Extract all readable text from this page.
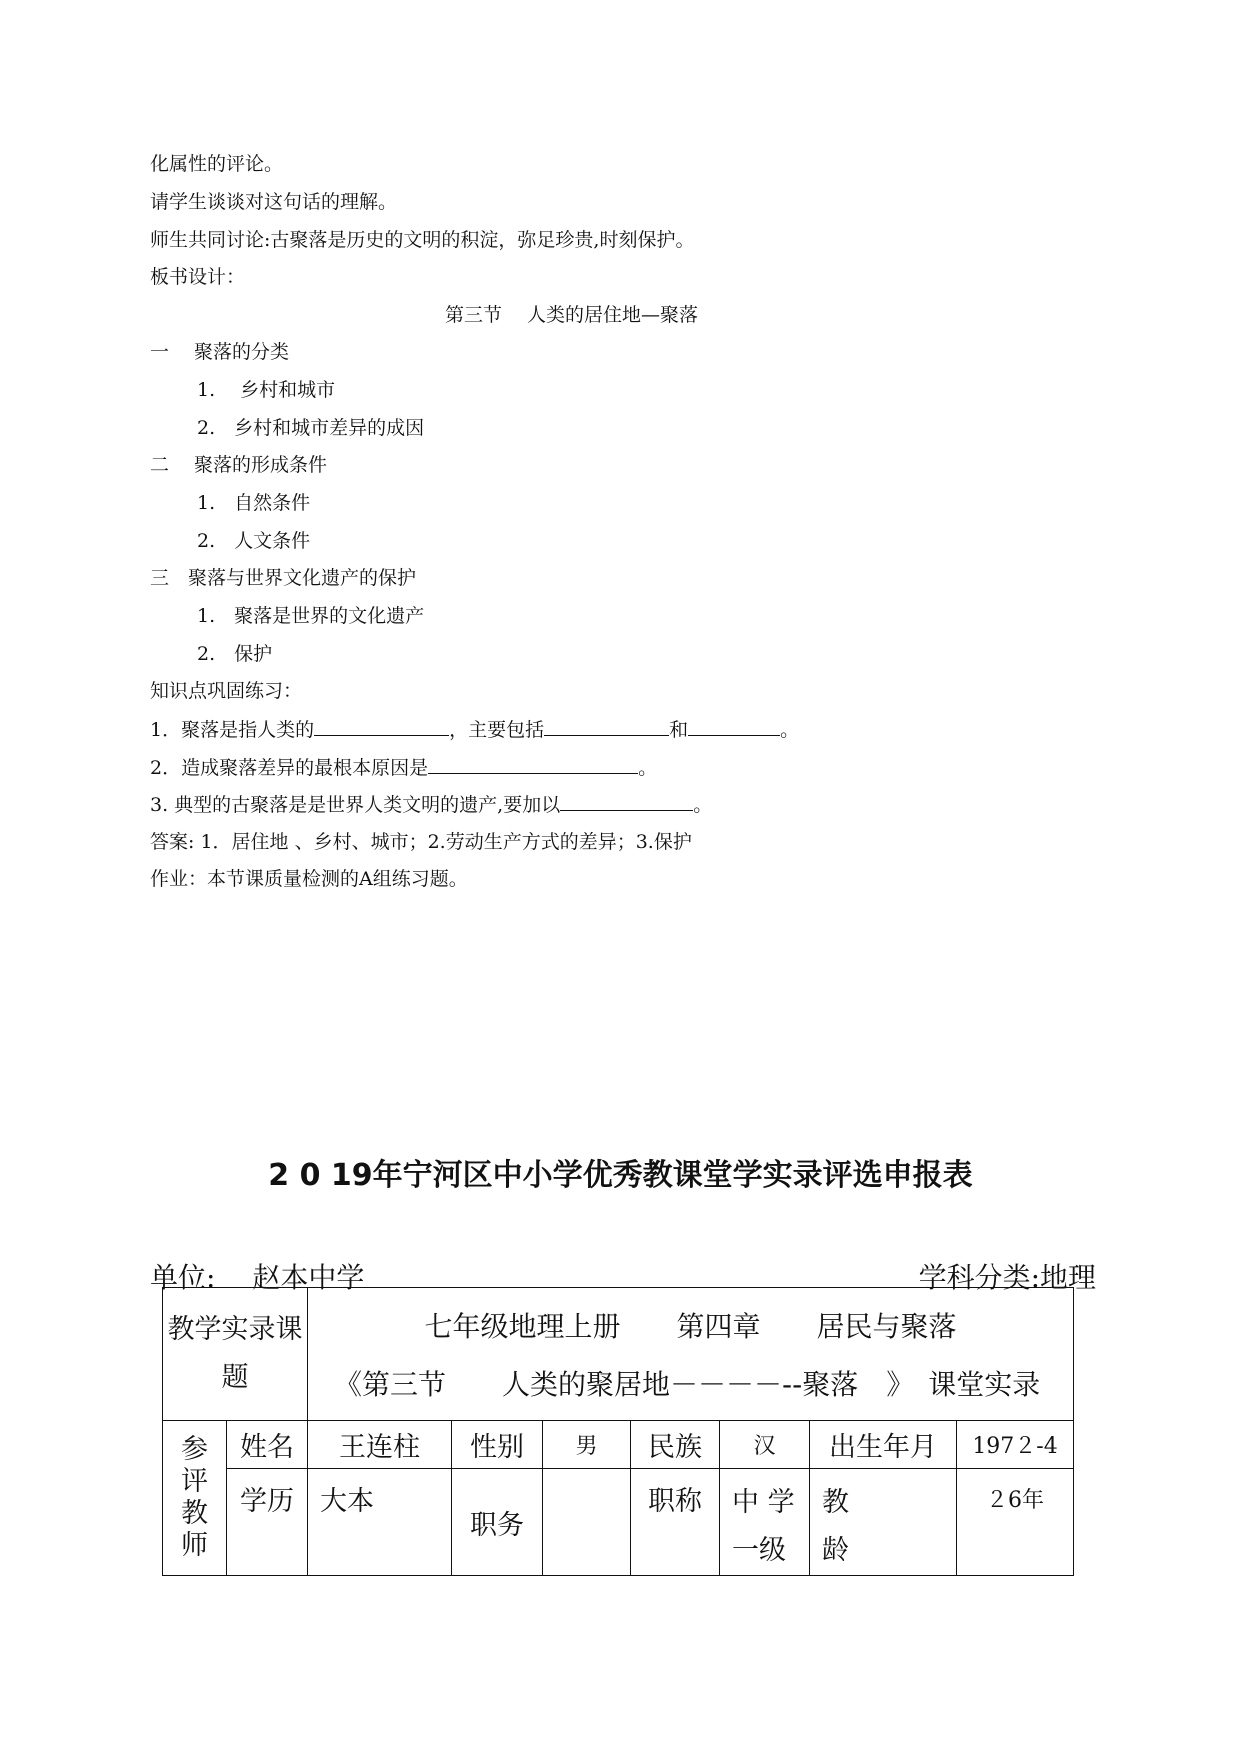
化属性的评论。
请学生谈谈对这句话的理解。
师生共同讨论:古聚落是历史的文明的积淀，弥足珍贵,时刻保护。
板书设计：
第三节　 人类的居住地—聚落
一　 聚落的分类
1.　 乡村和城市
2.　乡村和城市差异的成因
二　 聚落的形成条件
1.　自然条件
2.　人文条件
三　聚落与世界文化遗产的保护
1.　聚落是世界的文化遗产
2.　保护
知识点巩固练习：
1．聚落是指人类的	，主要包括	和	。
2．造成聚落差异的最根本原因是	。
3. 典型的古聚落是是世界人类文明的遗产,要加以	。
答案: 1．居住地 、乡村、城市；2.劳动生产方式的差异；3.保护
作业：本节课质量检测的A组练习题。
2 0 19年宁河区中小学优秀教课堂学实录评选申报表
单位:　 赵本中学	学科分类:地理
教学实录课题		七年级地理上册　　第四章　　居民与聚落
《第三节　　人类的聚居地－－－－--聚落　》　课堂实录						

参评教师	姓名	王连柱	性别	男	民族	汉	出生年月	197２-4
	学历	大本	职务		职称	中 学一级	教龄	２6年
